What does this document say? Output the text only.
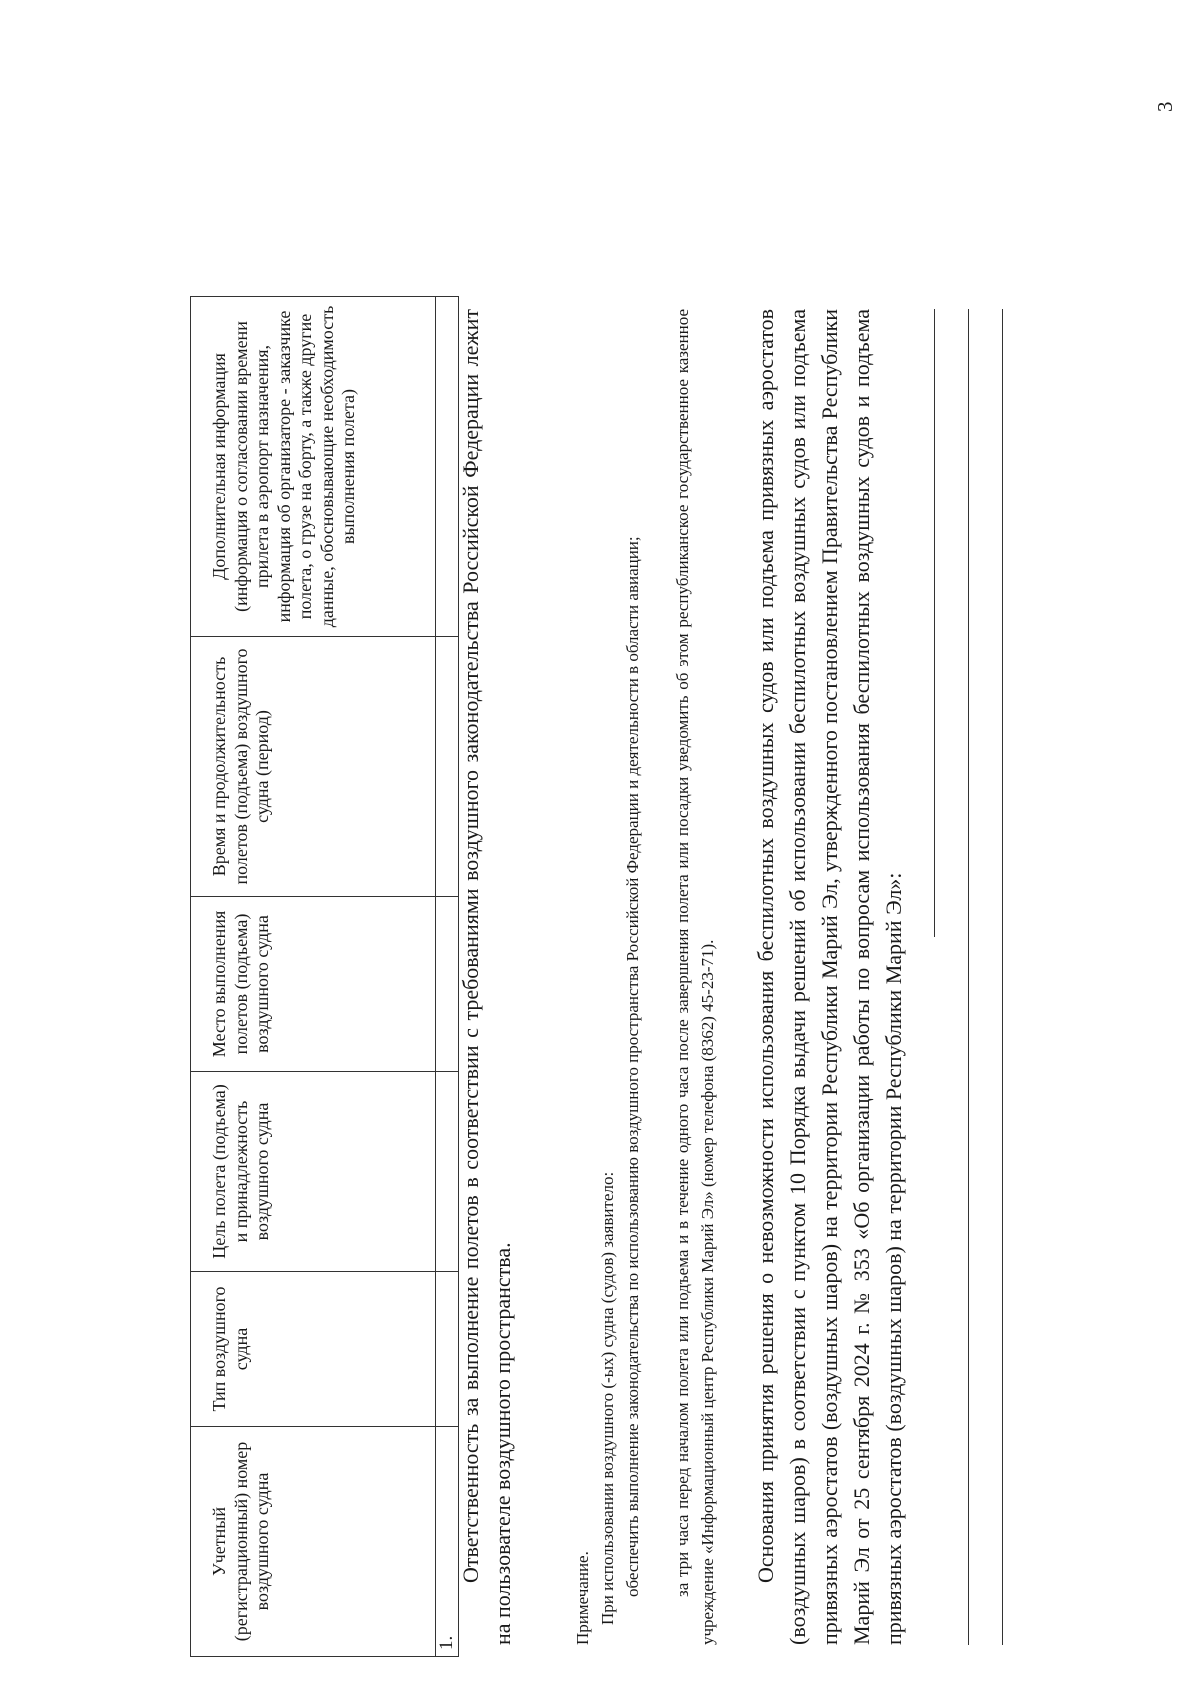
3
Учетный (регистрационный) номер воздушного судна	Тип воздушного судна	Цель полета (подъема) и принадлежность воздушного судна	Место выполнения полетов (подъема) воздушного судна	Время и продолжительность полетов (подъема) воздушного судна (период)	Дополнительная информация (информация о согласовании времени прилета в аэропорт назначения, информация об организаторе - заказчике полета, о грузе на борту, а также другие данные, обосновывающие необходимость выполнения полета)
1.					
Ответственность за выполнение полетов в соответствии с требованиями воздушного законодательства Российской Федерации лежит на пользователе воздушного пространства.	Примечание. При использовании воздушного (-ых) судна (судов) заявитело: обеспечить выполнение законодательства по использованию воздушного пространства Российской Федерации и деятельности в области авиации; за три часа перед началом полета или подъема и в течение одного часа после завершения полета или посадки уведомить об этом республиканское государственное казенное учреждение «Информационный центр Республики Марий Эл» (номер телефона (8362) 45-23-71). Основания принятия решения о невозможности использования беспилотных воздушных судов или подъема привязных аэростатов (воздушных шаров) в соответствии с пунктом 10 Порядка выдачи решений об использовании беспилотных воздушных судов или подъема привязных аэростатов (воздушных шаров) на территории Республики Марий Эл, утвержденного постановлением Правительства Республики Марий Эл от 25 сентября 2024 г. № 353 «Об организации работы по вопросам использования беспилотных воздушных судов и подъема привязных аэростатов (воздушных шаров) на территории Республики Марий Эл»:
